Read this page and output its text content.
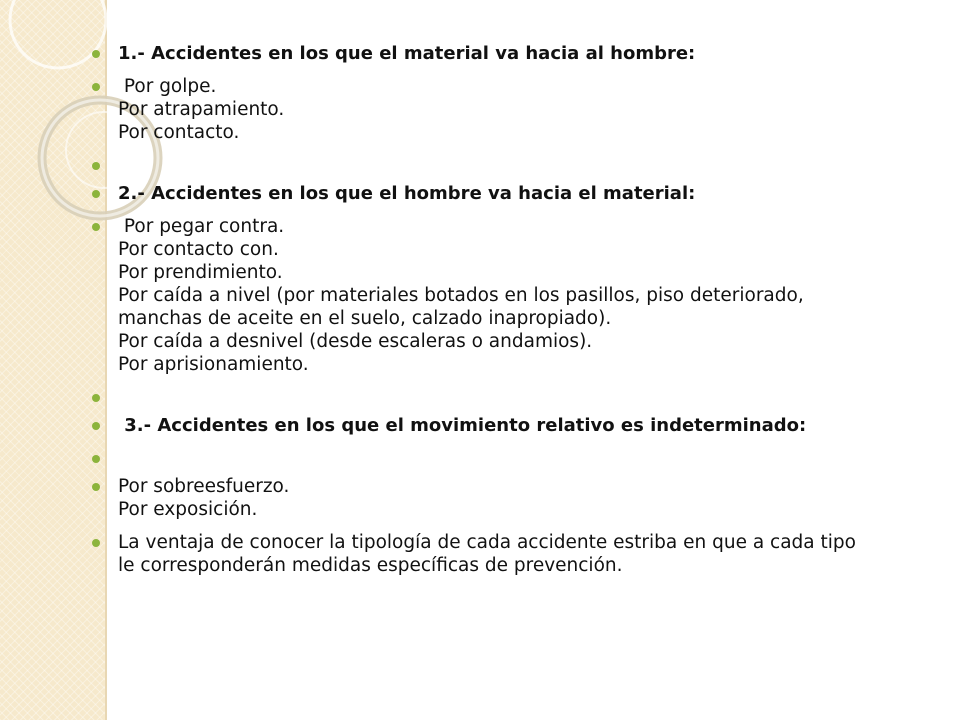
1.- Accidentes en los que el material va hacia al hombre:
Por golpe.
Por atrapamiento.
Por contacto.
2.- Accidentes en los que el hombre va hacia el material:
Por pegar contra.
Por contacto con.
Por prendimiento.
Por caída a nivel (por materiales botados en los pasillos, piso deteriorado,
manchas de aceite en el suelo, calzado inapropiado).
Por caída a desnivel (desde escaleras o andamios).
Por aprisionamiento.
3.- Accidentes en los que el movimiento relativo es indeterminado:
Por sobreesfuerzo.
Por exposición.
La ventaja de conocer la tipología de cada accidente estriba en que a cada tipo
le corresponderán medidas específicas de prevención.
